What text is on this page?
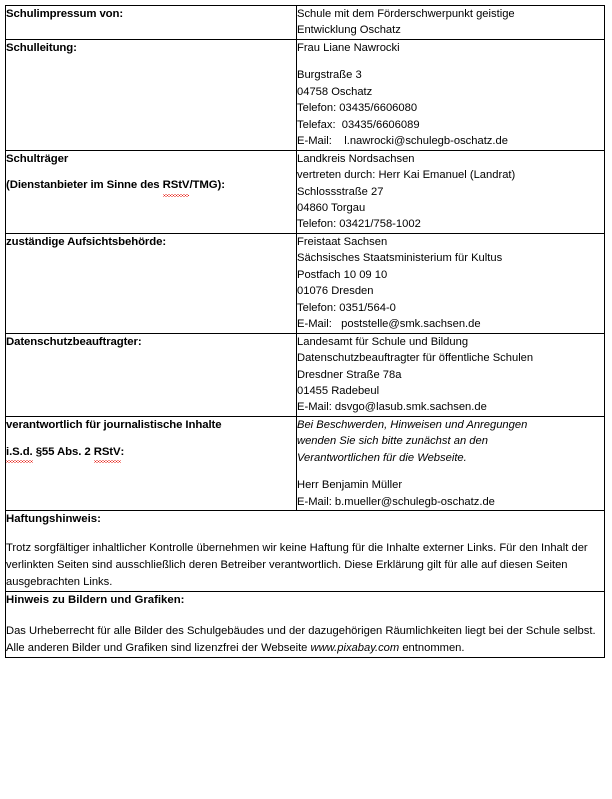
Schulimpressum von:	Schule mit dem Förderschwerpunkt geistige
Entwicklung Oschatz

Schulleitung:	Frau Liane Nawrocki
Burgstraße 3
04758 Oschatz
Telefon: 03435/6606080
Telefax:  03435/6606089
E-Mail:    l.nawrocki@schulegb-oschatz.de

Schulträger
(Dienstanbieter im Sinne des RStV/TMG):	Landkreis Nordsachsen
vertreten durch: Herr Kai Emanuel (Landrat)
Schlossstraße 27
04860 Torgau
Telefon: 03421/758-1002

zuständige Aufsichtsbehörde:	Freistaat Sachsen
Sächsisches Staatsministerium für Kultus
Postfach 10 09 10
01076 Dresden
Telefon: 0351/564-0
E-Mail:   poststelle@smk.sachsen.de

Datenschutzbeauftragter:	Landesamt für Schule und Bildung
Datenschutzbeauftragter für öffentliche Schulen
Dresdner Straße 78a
01455 Radebeul
E-Mail: dsvgo@lasub.smk.sachsen.de

verantwortlich für journalistische Inhalte
i.S.d. §55 Abs. 2 RStV:	Bei Beschwerden, Hinweisen und Anregungen
wenden Sie sich bitte zunächst an den
Verantwortlichen für die Webseite.
Herr Benjamin Müller
E-Mail: b.mueller@schulegb-oschatz.de

Haftungshinweis:
Trotz sorgfältiger inhaltlicher Kontrolle übernehmen wir keine Haftung für die Inhalte externer Links. Für den Inhalt der verlinkten Seiten sind ausschließlich deren Betreiber verantwortlich. Diese Erklärung gilt für alle auf diesen Seiten ausgebrachten Links.	

Hinweis zu Bildern und Grafiken:
Das Urheberrecht für alle Bilder des Schulgebäudes und der dazugehörigen Räumlichkeiten liegt bei der Schule selbst. Alle anderen Bilder und Grafiken sind lizenzfrei der Webseite www.pixabay.com entnommen.	
